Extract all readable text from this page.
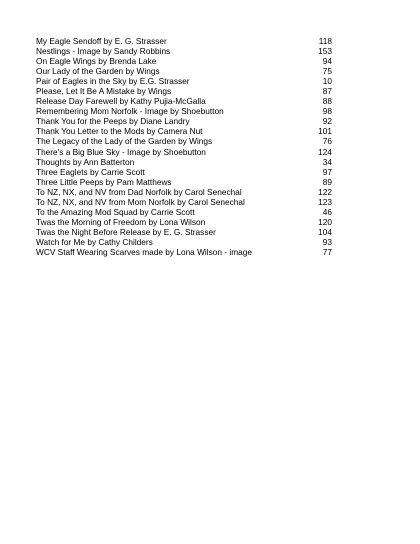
My Eagle Sendoff by E. G. Strasser	118
Nestlings - Image by Sandy Robbins	153
On Eagle Wings by Brenda Lake	94
Our Lady of the Garden by Wings	75
Pair of Eagles in the Sky by E.G. Strasser	10
Please, Let It Be A Mistake by Wings	87
Release Day Farewell by Kathy Pujia-McGalla	88
Remembering Mom Norfolk - Image by Shoebutton	98
Thank You for the Peeps by Diane Landry	92
Thank You Letter to the Mods by Camera Nut	101
The Legacy of the Lady of the Garden by Wings	76
There's a Big Blue Sky - Image by Shoebutton	124
Thoughts by Ann Batterton	34
Three Eaglets by Carrie Scott	97
Three Little Peeps by Pam Matthews	89
To NZ, NX, and NV from Dad Norfolk by Carol Senechal	122
To NZ, NX, and NV from Mom Norfolk by Carol Senechal	123
To the Amazing Mod Squad by Carrie Scott	46
Twas the Morning of Freedom by Lona Wilson	120
Twas the Night Before Release by E. G. Strasser	104
Watch for Me by Cathy Childers	93
WCV Staff Wearing Scarves made by Lona Wilson - image	77
